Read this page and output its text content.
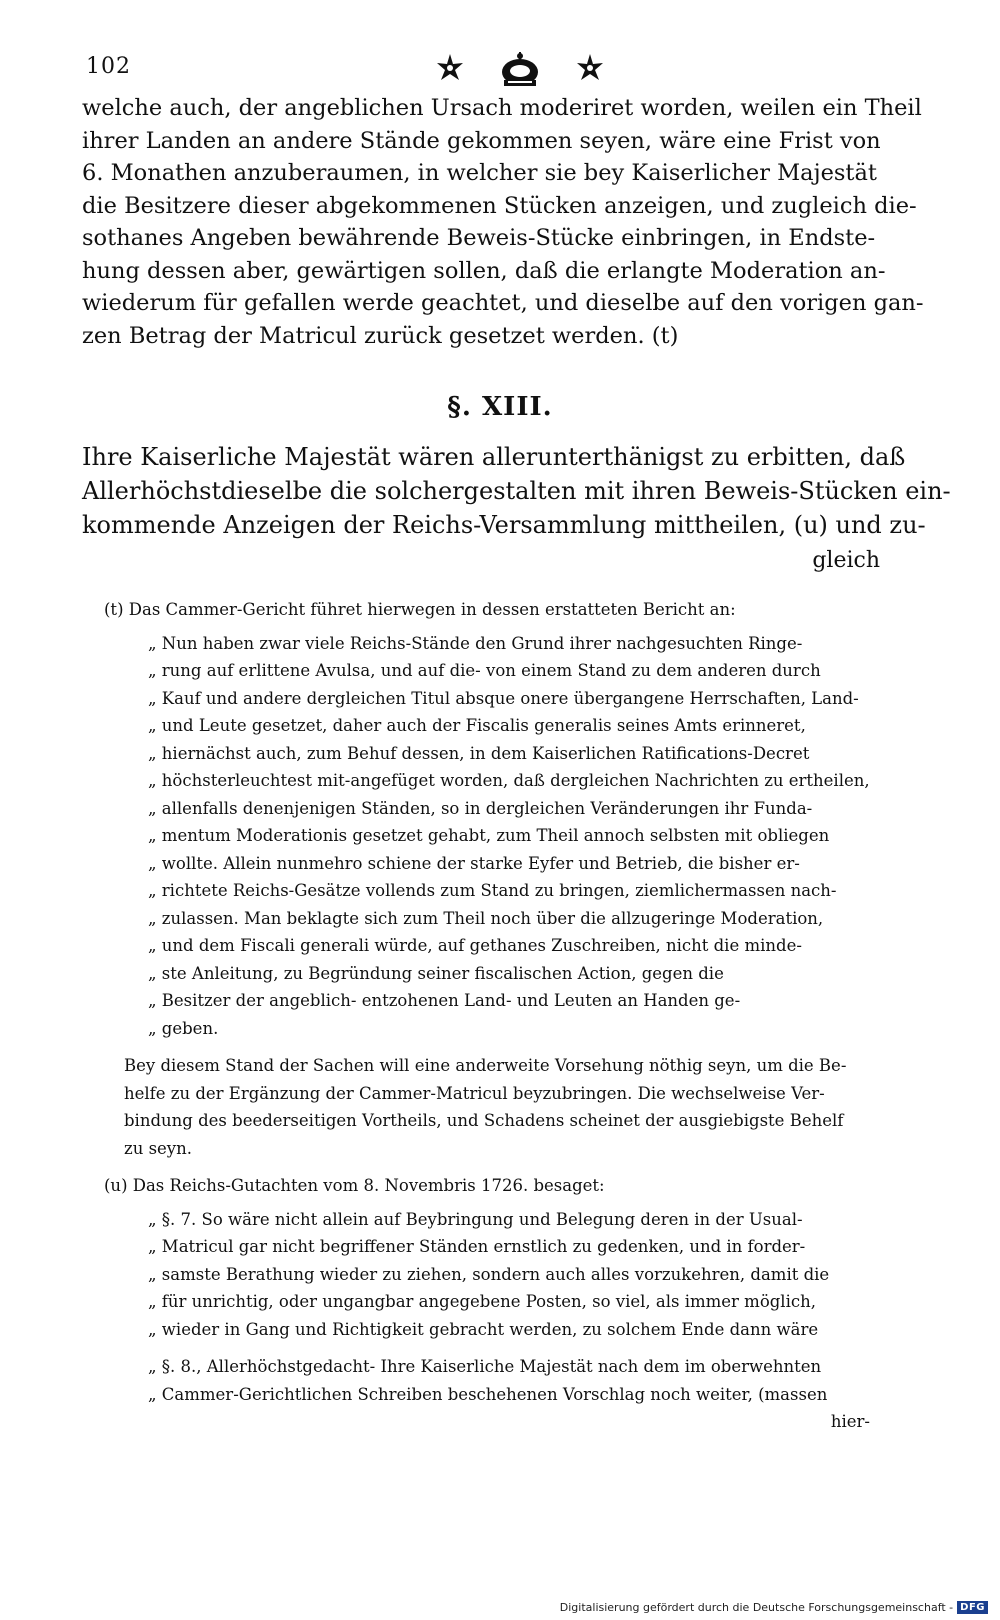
102
welche auch, der angeblichen Ursach moderiret worden, weilen ein Theil
ihrer Landen an andere Stände gekommen seyen, wäre eine Frist von
6. Monathen anzuberaumen, in welcher sie bey Kaiserlicher Majestät
die Besitzere dieser abgekommenen Stücken anzeigen, und zugleich die-
sothanes Angeben bewährende Beweis-Stücke einbringen, in Endste-
hung dessen aber, gewärtigen sollen, daß die erlangte Moderation an-
wiederum für gefallen werde geachtet, und dieselbe auf den vorigen gan-
zen Betrag der Matricul zurück gesetzet werden. (t)
§. XIII.
Ihre Kaiserliche Majestät wären allerunterthänigst zu erbitten, daß
Allerhöchstdieselbe die solchergestalten mit ihren Beweis-Stücken ein-
kommende Anzeigen der Reichs-Versammlung mittheilen, (u) und zu-
gleich
(t) Das Cammer-Gericht führet hierwegen in dessen erstatteten Bericht an:
„ Nun haben zwar viele Reichs-Stände den Grund ihrer nachgesuchten Ringe-
„ rung auf erlittene Avulsa, und auf die- von einem Stand zu dem anderen durch
„ Kauf und andere dergleichen Titul absque onere übergangene Herrschaften, Land-
„ und Leute gesetzet, daher auch der Fiscalis generalis seines Amts erinneret,
„ hiernächst auch, zum Behuf dessen, in dem Kaiserlichen Ratifications-Decret
„ höchsterleuchtest mit-angefüget worden, daß dergleichen Nachrichten zu ertheilen,
„ allenfalls denenjenigen Ständen, so in dergleichen Veränderungen ihr Funda-
„ mentum Moderationis gesetzet gehabt, zum Theil annoch selbsten mit obliegen
„ wollte. Allein nunmehro schiene der starke Eyfer und Betrieb, die bisher er-
„ richtete Reichs-Gesätze vollends zum Stand zu bringen, ziemlichermassen nach-
„ zulassen. Man beklagte sich zum Theil noch über die allzugeringe Moderation,
„ und dem Fiscali generali würde, auf gethanes Zuschreiben, nicht die minde-
„ ste Anleitung, zu Begründung seiner fiscalischen Action, gegen die
„ Besitzer der angeblich- entzohenen Land- und Leuten an Handen ge-
„ geben.
Bey diesem Stand der Sachen will eine anderweite Vorsehung nöthig seyn, um die Be-
helfe zu der Ergänzung der Cammer-Matricul beyzubringen. Die wechselweise Ver-
bindung des beederseitigen Vortheils, und Schadens scheinet der ausgiebigste Behelf
zu seyn.
(u) Das Reichs-Gutachten vom 8. Novembris 1726. besaget:
„ §. 7. So wäre nicht allein auf Beybringung und Belegung deren in der Usual-
„ Matricul gar nicht begriffener Ständen ernstlich zu gedenken, und in forder-
„ samste Berathung wieder zu ziehen, sondern auch alles vorzukehren, damit die
„ für unrichtig, oder ungangbar angegebene Posten, so viel, als immer möglich,
„ wieder in Gang und Richtigkeit gebracht werden, zu solchem Ende dann wäre
„ §. 8., Allerhöchstgedacht- Ihre Kaiserliche Majestät nach dem im oberwehnten
„ Cammer-Gerichtlichen Schreiben beschehenen Vorschlag noch weiter, (massen
hier-
Digitalisierung gefördert durch die Deutsche Forschungsgemeinschaft - DFG
